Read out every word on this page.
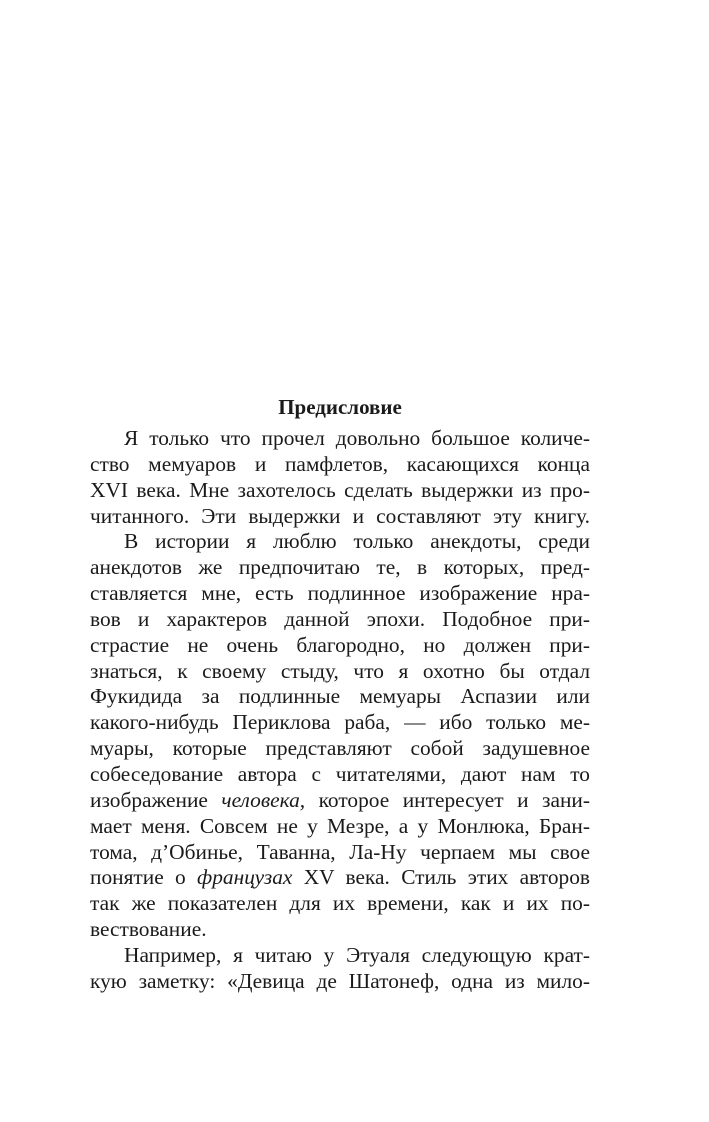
Предисловие
Я только что прочел довольно большое количе-
ство мемуаров и памфлетов, касающихся конца
XVI века. Мне захотелось сделать выдержки из про-
читанного. Эти выдержки и составляют эту книгу.
В истории я люблю только анекдоты, среди
анекдотов же предпочитаю те, в которых, пред-
ставляется мне, есть подлинное изображение нра-
вов и характеров данной эпохи. Подобное при-
страстие не очень благородно, но должен при-
знаться, к своему стыду, что я охотно бы отдал
Фукидида за подлинные мемуары Аспазии или
какого-нибудь Периклова раба, — ибо только ме-
муары, которые представляют собой задушевное
собеседование автора с читателями, дают нам то
изображение человека, которое интересует и зани-
мает меня. Совсем не у Мезре, а у Монлюка, Бран-
тома, д’Обинье, Таванна, Ла-Ну черпаем мы свое
понятие о французах XV века. Стиль этих авторов
так же показателен для их времени, как и их по-
вествование.
Например, я читаю у Этуаля следующую крат-
кую заметку: «Девица де Шатонеф, одна из мило-
